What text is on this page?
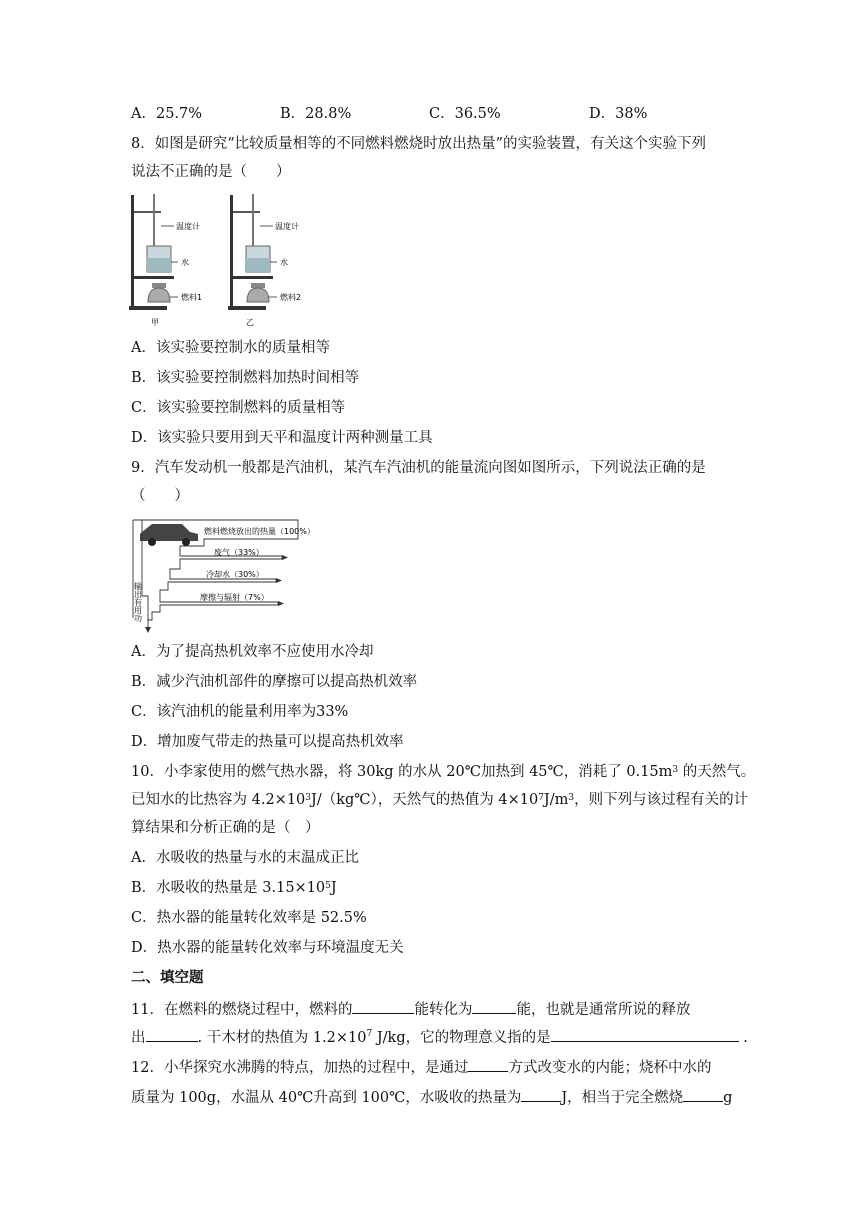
A．25.7%	B．28.8%	C．36.5%	D．38%
8．如图是研究“比较质量相等的不同燃料燃烧时放出热量”的实验装置，有关这个实验下列
说法不正确的是（　　）
温度计
水
燃料1
甲
温度计
水
燃料2
乙
A．该实验要控制水的质量相等
B．该实验要控制燃料加热时间相等
C．该实验要控制燃料的质量相等
D．该实验只要用到天平和温度计两种测量工具
9．汽车发动机一般都是汽油机，某汽车汽油机的能量流向图如图所示，下列说法正确的是
（　　）
燃料燃烧放出的热量（100%）
废气（33%）
冷却水（30%）
摩擦与辐射（7%）
输出有用功
A．为了提高热机效率不应使用水冷却
B．减少汽油机部件的摩擦可以提高热机效率
C．该汽油机的能量利用率为33%
D．增加废气带走的热量可以提高热机效率
10．小李家使用的燃气热水器，将 30kg 的水从 20℃加热到 45℃，消耗了 $0.15m^3$ 的天然气。
已知水的比热容为 $4.2\times 10^3J/(kg℃)$，天然气的热值为 $4\times 10^7J/m^3$，则下列与该过程有关的计
算结果和分析正确的是（　）
A．水吸收的热量与水的末温成正比
B．水吸收的热量是 $3.15\times 10^5J$
C．热水器的能量转化效率是 52.5%
D．热水器的能量转化效率与环境温度无关
二、填空题
11．在燃料的燃烧过程中，燃料的	能转化为	能，也就是通常所说的释放
出	. 干木材的热值为 $1.2\times 10^7$ J/kg，它的物理意义指的是	.
12．小华探究水沸腾的特点，加热的过程中，是通过	方式改变水的内能；烧杯中水的
质量为 100g，水温从 40℃升高到 100℃，水吸收的热量为	J，相当于完全燃烧	g
